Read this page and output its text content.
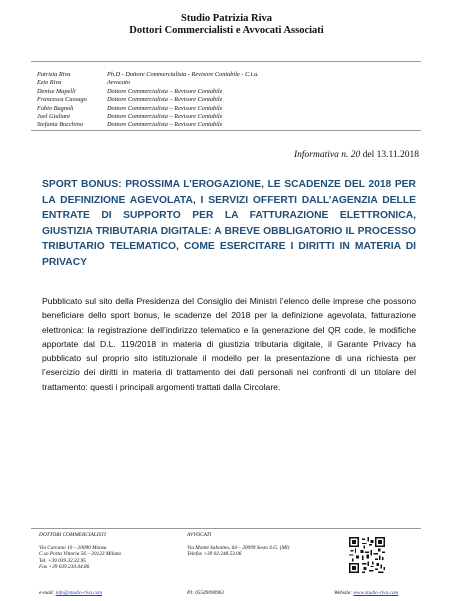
Studio Patrizia Riva
Dottori Commercialisti e Avvocati Associati
Patrizia Riva	Ph.D - Dottore Commercialista - Revisore Contabile - C.t.u.
Ezio Riva	Avvocato
Denise Mapelli	Dottore Commercialista – Revisore Contabile
Francesca Cassago	Dottore Commercialista – Revisore Contabile
Fabio Bagnoli	Dottore Commercialista – Revisore Contabile
Joel Giuliani	Dottore Commercialista – Revisore Contabile
Stefania Bocchino	Dottore Commercialista – Revisore Contabile
Informativa n. 20 del 13.11.2018
SPORT BONUS: PROSSIMA L’EROGAZIONE, LE SCADENZE DEL 2018 PER LA DEFINIZIONE AGEVOLATA, I SERVIZI OFFERTI DALL’AGENZIA DELLE ENTRATE DI SUPPORTO PER LA FATTURAZIONE ELETTRONICA, GIUSTIZIA TRIBUTARIA DIGITALE: A BREVE OBBLIGATORIO IL PROCESSO TRIBUTARIO TELEMATICO, COME ESERCITARE I DIRITTI IN MATERIA DI PRIVACY
Pubblicato sul sito della Presidenza del Consiglio dei Ministri l’elenco delle imprese che possono beneficiare dello sport bonus, le scadenze del 2018 per la definizione agevolata, fatturazione elettronica: la registrazione dell’indirizzo telematico e la generazione del QR code, le modifiche apportate dal D.L. 119/2018 in materia di giustizia tributaria digitale, il Garante Privacy ha pubblicato sul proprio sito istituzionale il modello per la presentazione di una richiesta per l’esercizio dei diritti in materia di trattamento dei dati personali nei confronti di un titolare del trattamento: questi i principali argomenti trattati dalla Circolare.
DOTTORI COMMERCIALISTI
Via Carcano 10 – 20090 Monza
C.so Porta Vittoria 56 – 20123 Milano
Tel. +39 039.32.32.95
Fax +39 039.230.44.86
AVVOCATI
Via Monte Sabotino, 64 – 20099 Sesto S.G. (MI)
Telefax +39 02.248.53.06
e-mail: info@studio-riva.com	PI: 05549090961	Website: www.studio-riva.com
